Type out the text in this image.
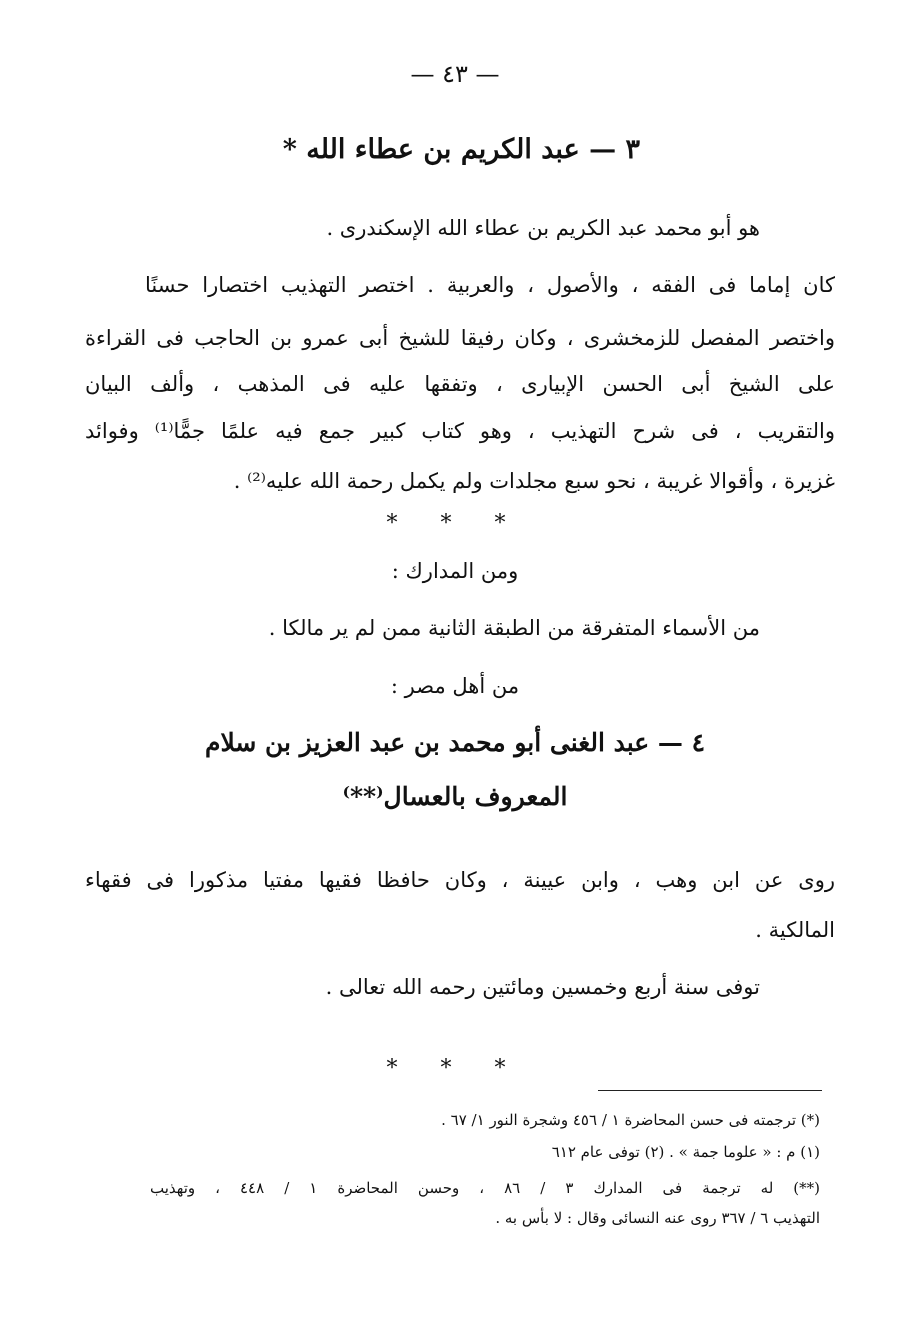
— ٤٣ —
٣ — عبد الكريم بن عطاء الله *
هو أبو محمد عبد الكريم بن عطاء الله الإسكندرى .
كان إماما فى الفقه ، والأصول ، والعربية . اختصر التهذيب اختصارا حسنًا
واختصر المفصل للزمخشرى ، وكان رفيقا للشيخ أبى عمرو بن الحاجب فى القراءة
على الشيخ أبى الحسن الإبيارى ، وتفقها عليه فى المذهب ، وألف البيان
والتقريب ، فى شرح التهذيب ، وهو كتاب كبير جمع فيه علمًا جمًّا⁽¹⁾ وفوائد
غزيرة ، وأقوالا غريبة ، نحو سبع مجلدات ولم يكمل رحمة الله عليه⁽²⁾ .
* * *
ومن المدارك :
من الأسماء المتفرقة من الطبقة الثانية ممن لم ير مالكا .
من أهل مصر :
٤ — عبد الغنى أبو محمد بن عبد العزيز بن سلام
المعروف بالعسال⁽**⁾
روى عن ابن وهب ، وابن عيينة ، وكان حافظا فقيها مفتيا مذكورا فى فقهاء
المالكية .
توفى سنة أربع وخمسين ومائتين رحمه الله تعالى .
* * *
(*) ترجمته فى حسن المحاضرة ١ / ٤٥٦ وشجرة النور ١/ ٦٧ .
(١) م : « علوما جمة » . (٢) توفى عام ٦١٢
(**) له ترجمة فى المدارك ٣ / ٨٦ ، وحسن المحاضرة ١ / ٤٤٨ ، وتهذيب
التهذيب ٦ / ٣٦٧ روى عنه النسائى وقال : لا بأس به .
